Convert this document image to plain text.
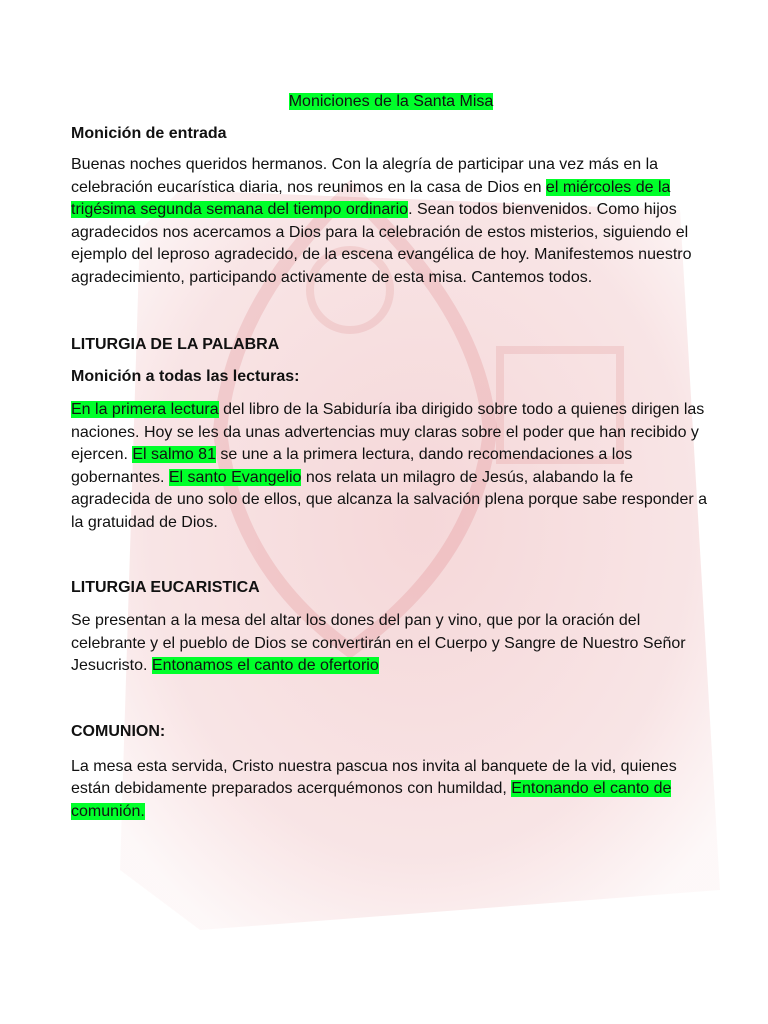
Moniciones de la Santa Misa
Monición de entrada

Buenas noches queridos hermanos. Con la alegría de participar una vez más en la celebración eucarística diaria, nos reunimos en la casa de Dios en el miércoles de la trigésima segunda semana del tiempo ordinario. Sean todos bienvenidos. Como hijos agradecidos nos acercamos a Dios para la celebración de estos misterios, siguiendo el ejemplo del leproso agradecido, de la escena evangélica de hoy. Manifestemos nuestro agradecimiento, participando activamente de esta misa. Cantemos todos.

LITURGIA DE LA PALABRA
Monición a todas las lecturas:

En la primera lectura del libro de la Sabiduría iba dirigido sobre todo a quienes dirigen las naciones. Hoy se les da unas advertencias muy claras sobre el poder que han recibido y ejercen. El salmo 81 se une a la primera lectura, dando recomendaciones a los gobernantes. El santo Evangelio nos relata un milagro de Jesús, alabando la fe agradecida de uno solo de ellos, que alcanza la salvación plena porque sabe responder a la gratuidad de Dios.

LITURGIA EUCARISTICA

Se presentan a la mesa del altar los dones del pan y vino, que por la oración del celebrante y el pueblo de Dios se convertirán en el Cuerpo y Sangre de Nuestro Señor Jesucristo. Entonamos el canto de ofertorio

COMUNION:

La mesa esta servida, Cristo nuestra pascua nos invita al banquete de la vid, quienes están debidamente preparados acerquémonos con humildad, Entonando el canto de comunión.
